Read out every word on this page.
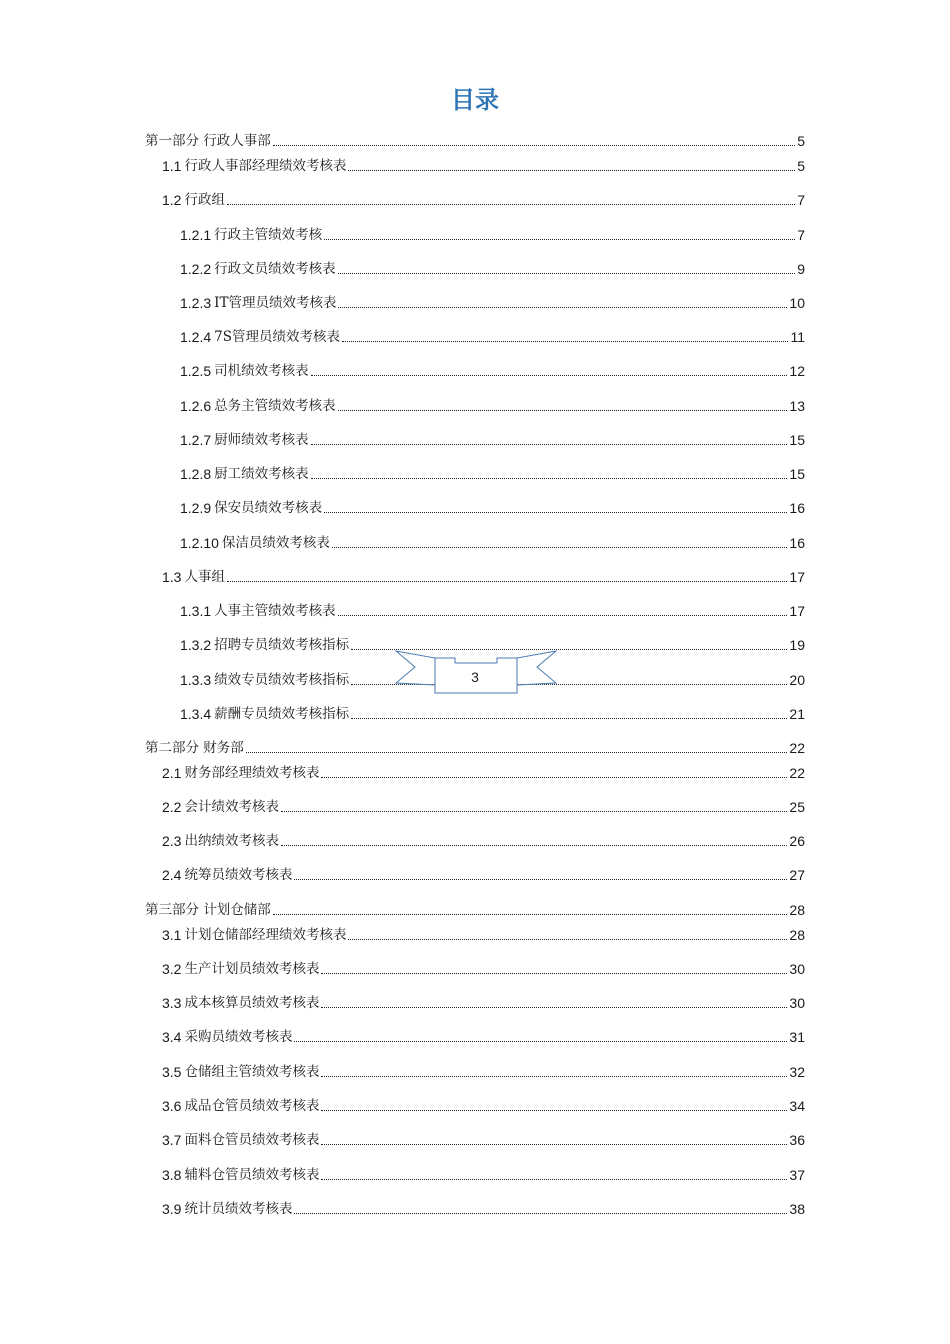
目录
第一部分 行政人事部	5
1.1 行政人事部经理绩效考核表	5
1.2 行政组	7
1.2.1 行政主管绩效考核	7
1.2.2 行政文员绩效考核表	9
1.2.3 IT管理员绩效考核表	10
1.2.4 7S管理员绩效考核表	11
1.2.5 司机绩效考核表	12
1.2.6 总务主管绩效考核表	13
1.2.7 厨师绩效考核表	15
1.2.8 厨工绩效考核表	15
1.2.9 保安员绩效考核表	16
1.2.10 保洁员绩效考核表	16
1.3 人事组	17
1.3.1 人事主管绩效考核表	17
1.3.2 招聘专员绩效考核指标	19
1.3.3 绩效专员绩效考核指标	20
1.3.4 薪酬专员绩效考核指标	21
第二部分 财务部	22
2.1 财务部经理绩效考核表	22
2.2 会计绩效考核表	25
2.3 出纳绩效考核表	26
2.4 统筹员绩效考核表	27
第三部分 计划仓储部	28
3.1 计划仓储部经理绩效考核表	28
3.2 生产计划员绩效考核表	30
3.3 成本核算员绩效考核表	30
3.4 采购员绩效考核表	31
3.5 仓储组主管绩效考核表	32
3.6 成品仓管员绩效考核表	34
3.7 面料仓管员绩效考核表	36
3.8 辅料仓管员绩效考核表	37
3.9 统计员绩效考核表	38
3
